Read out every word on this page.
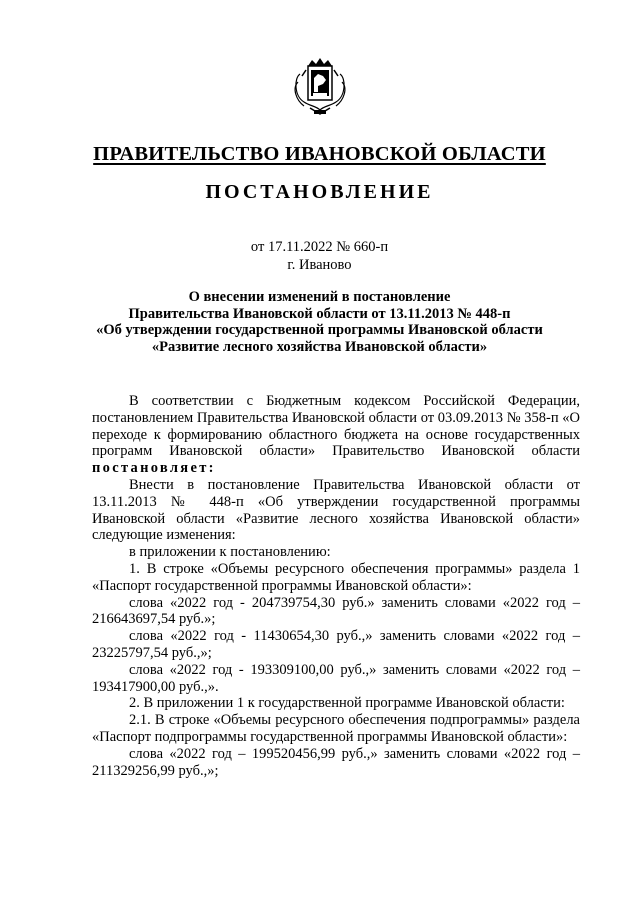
ПРАВИТЕЛЬСТВО ИВАНОВСКОЙ ОБЛАСТИ
ПОСТАНОВЛЕНИЕ
от 17.11.2022 № 660-п
г. Иваново
О внесении изменений в постановление
Правительства Ивановской области от 13.11.2013 № 448-п
«Об утверждении государственной программы Ивановской области
«Развитие лесного хозяйства Ивановской области»

В соответствии с Бюджетным кодексом Российской Федерации, постановлением Правительства Ивановской области от 03.09.2013 № 358-п «О переходе к формированию областного бюджета на основе государственных программ Ивановской области» Правительство Ивановской области постановляет:

Внести в постановление Правительства Ивановской области от 13.11.2013 № 448-п «Об утверждении государственной программы Ивановской области «Развитие лесного хозяйства Ивановской области» следующие изменения:

в приложении к постановлению:

1. В строке «Объемы ресурсного обеспечения программы» раздела 1 «Паспорт государственной программы Ивановской области»:

слова «2022 год - 204739754,30 руб.» заменить словами «2022 год – 216643697,54 руб.»;

слова «2022 год - 11430654,30 руб.,» заменить словами «2022 год – 23225797,54 руб.,»;

слова «2022 год - 193309100,00 руб.,» заменить словами «2022 год – 193417900,00 руб.,».

2. В приложении 1 к государственной программе Ивановской области:

2.1. В строке «Объемы ресурсного обеспечения подпрограммы» раздела «Паспорт подпрограммы государственной программы Ивановской области»:

слова «2022 год – 199520456,99 руб.,» заменить словами «2022 год – 211329256,99 руб.,»;
